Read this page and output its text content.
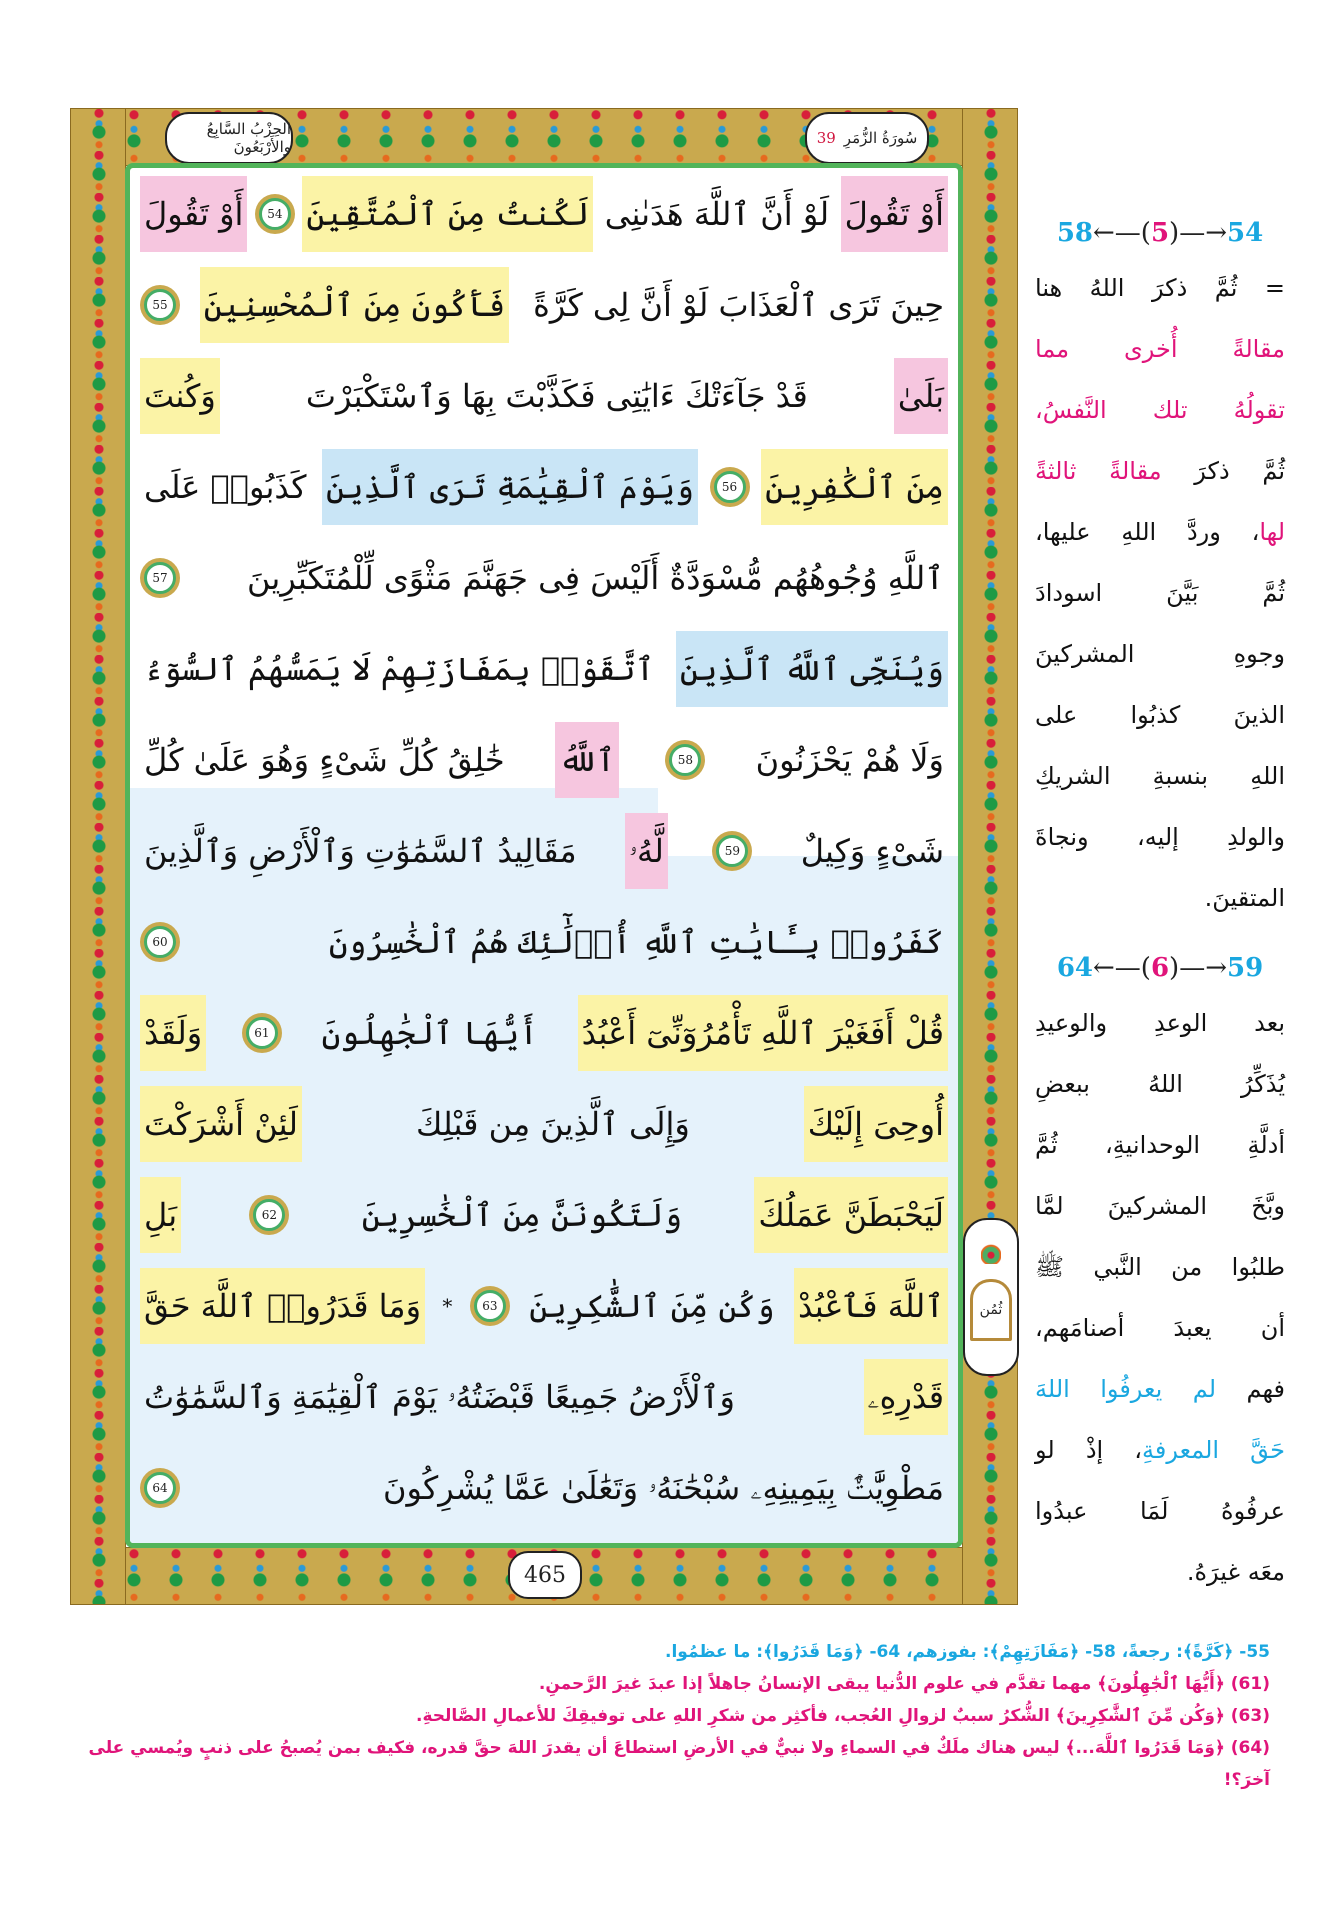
الحِزْبُ السَّابِعُ والأَرْبَعُونَ	سُورَةُ الزُّمَرِ
39
465
ثُمُن
أَوْ تَقُولَ
لَوْ أَنَّ ٱللَّهَ هَدَىٰنِى
لَكُنتُ مِنَ ٱلْمُتَّقِينَ
54
أَوْ تَقُولَ
حِينَ تَرَى ٱلْعَذَابَ لَوْ أَنَّ لِى كَرَّةً
فَأَكُونَ مِنَ ٱلْمُحْسِنِينَ
55
بَلَىٰ
قَدْ جَآءَتْكَ ءَايَٰتِى فَكَذَّبْتَ بِهَا وَٱسْتَكْبَرْتَ
وَكُنتَ
مِنَ ٱلْكَٰفِرِينَ
56
وَيَوْمَ ٱلْقِيَٰمَةِ تَرَى ٱلَّذِينَ
كَذَبُوا۟ عَلَى
ٱللَّهِ وُجُوهُهُم مُّسْوَدَّةٌ أَلَيْسَ فِى جَهَنَّمَ مَثْوًى لِّلْمُتَكَبِّرِينَ
57
وَيُنَجِّى ٱللَّهُ ٱلَّذِينَ
ٱتَّقَوْا۟ بِمَفَازَتِهِمْ لَا يَمَسُّهُمُ ٱلسُّوٓءُ
وَلَا هُمْ يَحْزَنُونَ
58
ٱللَّهُ
خَٰلِقُ كُلِّ شَىْءٍ وَهُوَ عَلَىٰ كُلِّ
شَىْءٍ وَكِيلٌ
59
لَّهُۥ
مَقَالِيدُ ٱلسَّمَٰوَٰتِ وَٱلْأَرْضِ وَٱلَّذِينَ
كَفَرُوا۟ بِـَٔايَٰتِ ٱللَّهِ أُو۟لَٰٓئِكَ هُمُ ٱلْخَٰسِرُونَ
60
قُلْ أَفَغَيْرَ ٱللَّهِ تَأْمُرُوٓنِّىٓ أَعْبُدُ
أَيُّهَا ٱلْجَٰهِلُونَ
61
وَلَقَدْ
أُوحِىَ إِلَيْكَ
وَإِلَى ٱلَّذِينَ مِن قَبْلِكَ
لَئِنْ أَشْرَكْتَ
لَيَحْبَطَنَّ عَمَلُكَ
وَلَتَكُونَنَّ مِنَ ٱلْخَٰسِرِينَ
62
بَلِ
ٱللَّهَ فَٱعْبُدْ
وَكُن مِّنَ ٱلشَّٰكِرِينَ
63
*
وَمَا قَدَرُوا۟ ٱللَّهَ حَقَّ
قَدْرِهِۦ
وَٱلْأَرْضُ جَمِيعًا قَبْضَتُهُۥ يَوْمَ ٱلْقِيَٰمَةِ وَٱلسَّمَٰوَٰتُ
مَطْوِيَّٰتٌۢ بِيَمِينِهِۦ سُبْحَٰنَهُۥ وَتَعَٰلَىٰ عَمَّا يُشْرِكُونَ
64
58←—(5)—→54
= ثُمَّ ذكرَ اللهُ هنا
مقالةً أُخرى مما
تقولُهُ تلك النَّفسُ،
ثُمَّ ذكرَ مقالةً ثالثةً
لها، وردَّ اللهِ عليها،
ثُمَّ بَيَّنَ اسودادَ
وجوهِ المشركينَ
الذينَ كذبُوا على
اللهِ بنسبةِ الشريكِ
والولدِ إليه، ونجاةَ
المتقينَ.
64←—(6)—→59
بعد الوعدِ والوعيدِ
يُذَكِّرُ اللهُ ببعضِ
أدلَّةِ الوحدانيةِ، ثُمَّ
وبَّخَ المشركينَ لمَّا
طلبُوا من النَّبي ﷺ
أن يعبدَ أصنامَهم،
فهم لم يعرفُوا اللهَ
حَقَّ المعرفةِ، إذْ لو
عرفُوهُ لَمَا عبدُوا
معَه غيرَهُ.
55- ﴿كَرَّةً﴾: رجعةً، 58- ﴿مَفَازَتِهِمْ﴾: بفوزهم، 64- ﴿وَمَا قَدَرُوا﴾: ما عظمُوا.
(61) ﴿أَيُّهَا ٱلْجَٰهِلُونَ﴾ مهما تقدَّم في علوم الدُّنيا يبقى الإنسانُ جاهلاً إذا عبدَ غيرَ الرَّحمنِ.
(63) ﴿وَكُن مِّنَ ٱلشَّٰكِرِينَ﴾ الشُّكرُ سببٌ لزوالِ العُجب، فأكثِر من شكرِ اللهِ على توفيقِكَ للأعمالِ الصَّالحةِ.
(64) ﴿وَمَا قَدَرُوا ٱللَّهَ...﴾ ليس هناك ملَكٌ في السماءِ ولا نبيٌّ في الأرضِ استطاعَ أن يقدرَ اللهَ حقَّ قدره، فكيف بمن يُصبحُ على ذنبٍ ويُمسي على
آخرَ؟!
